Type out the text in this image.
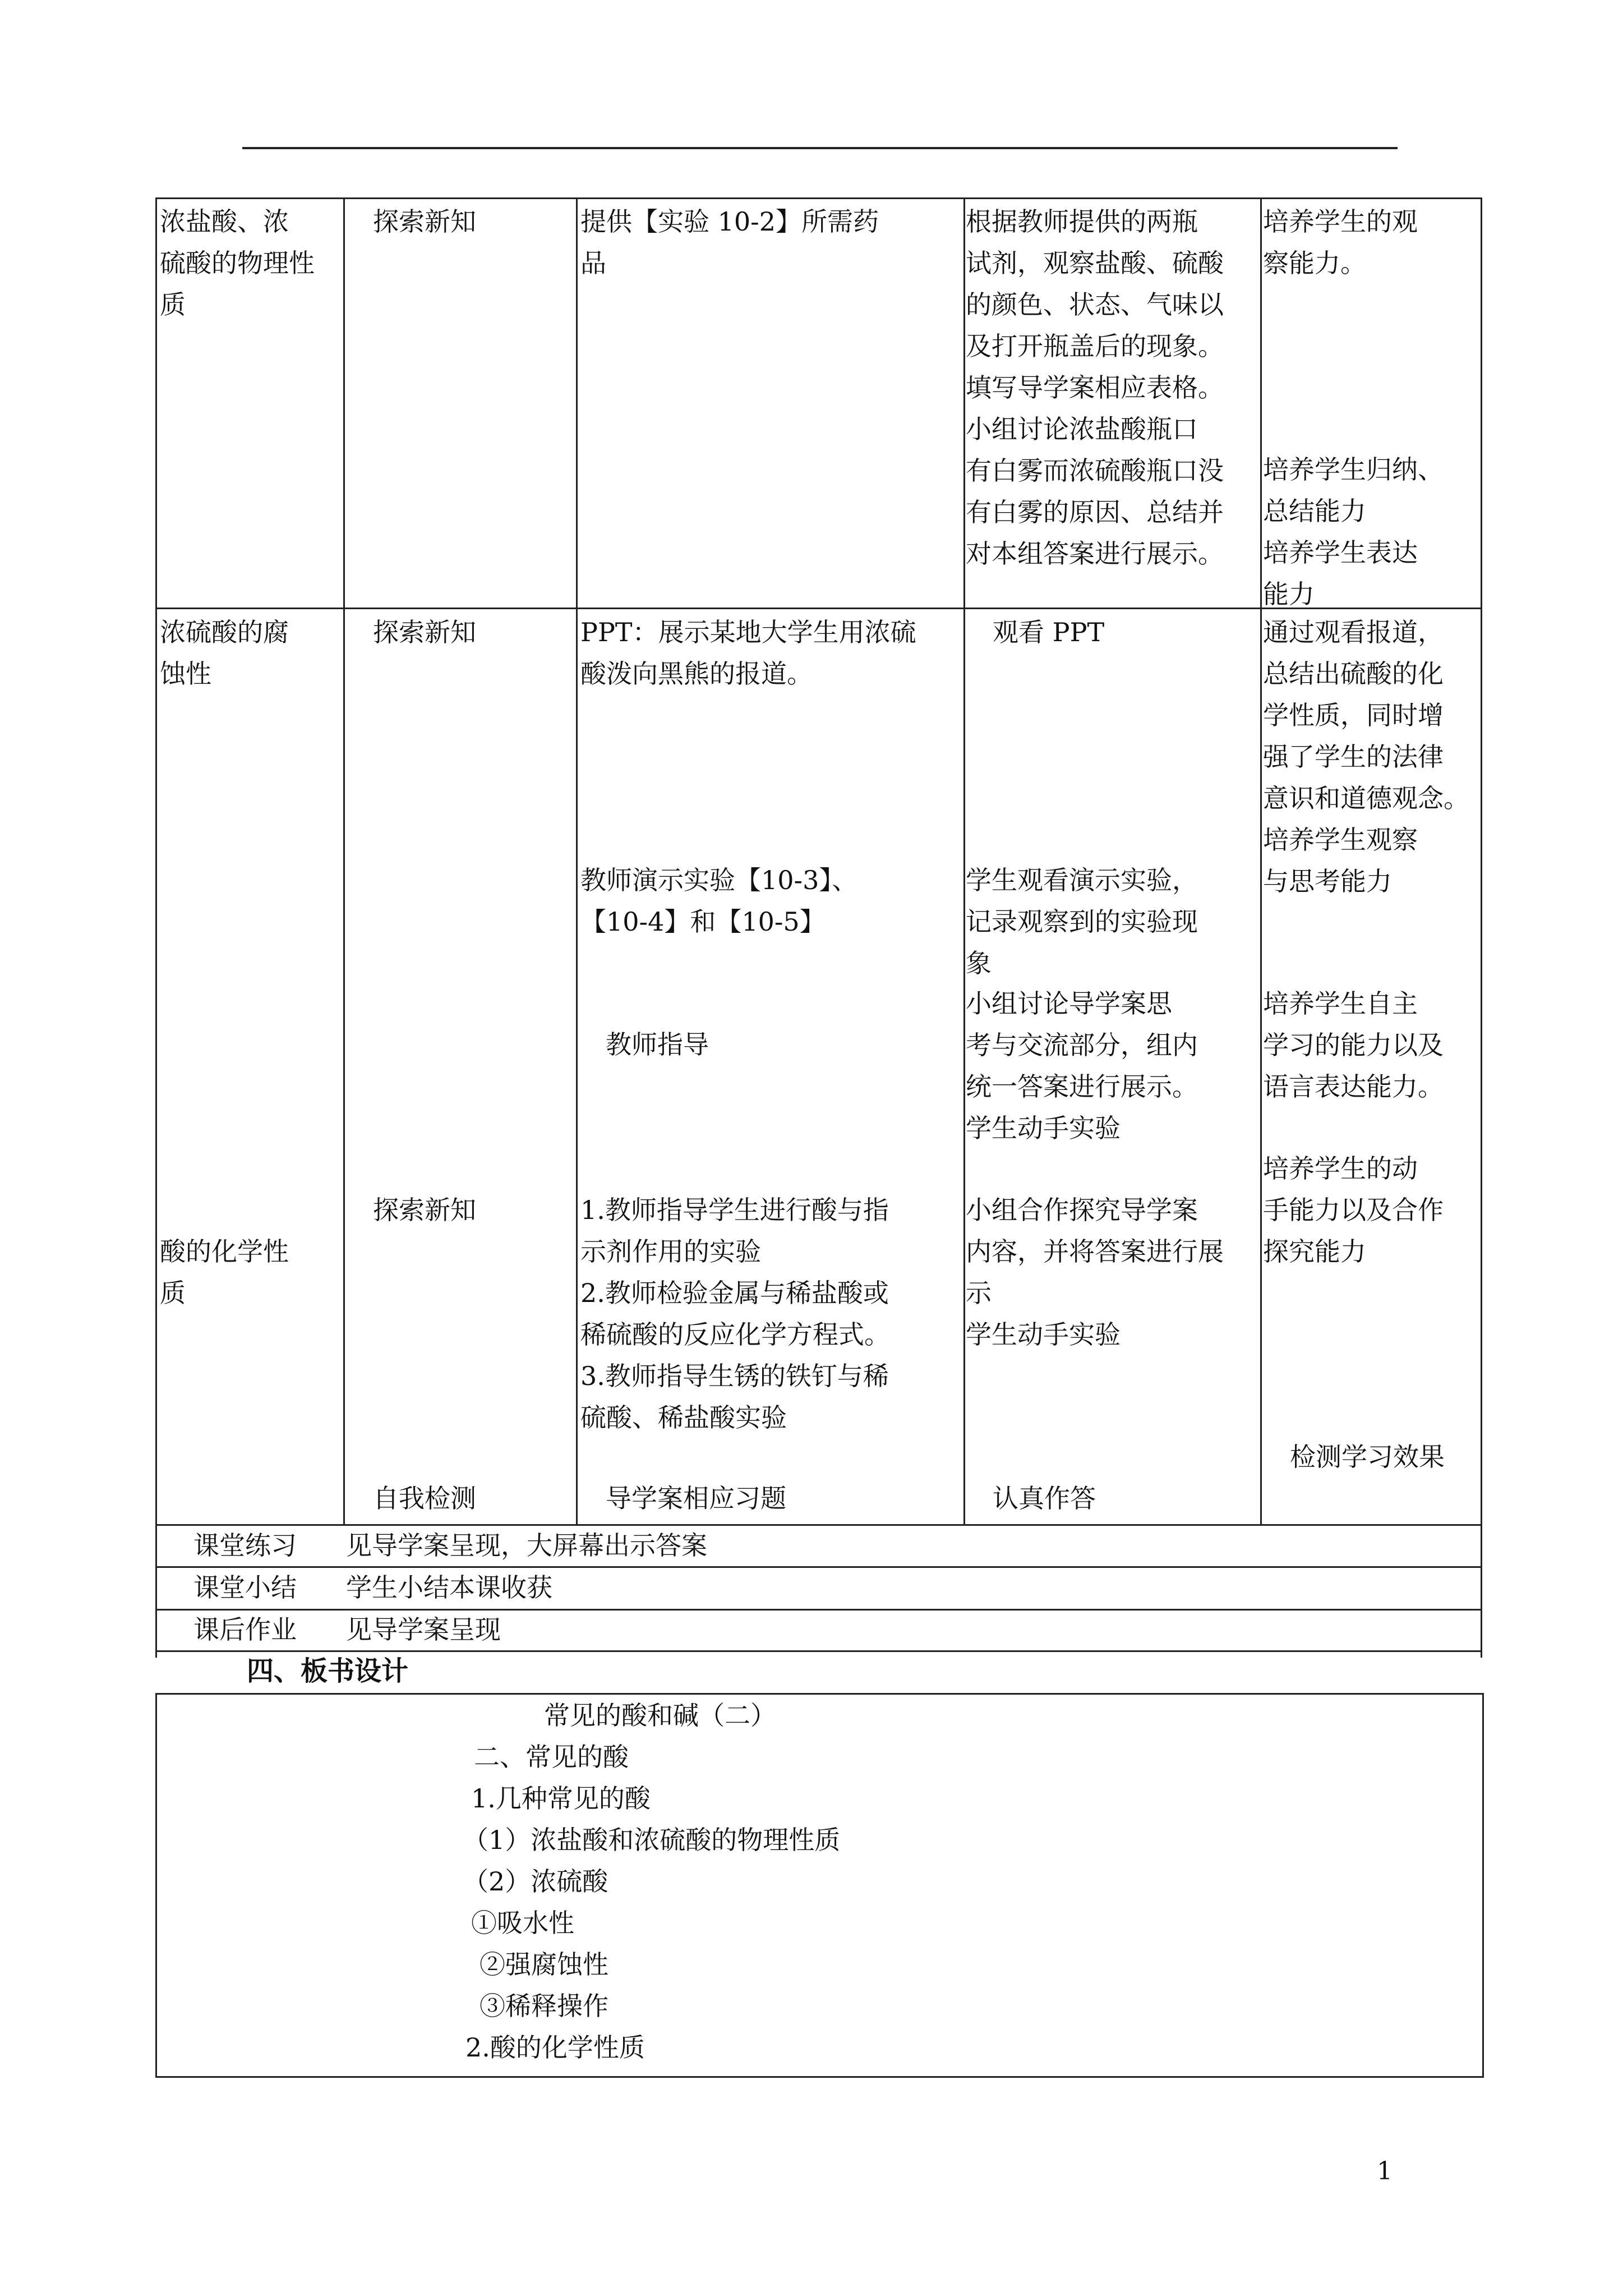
浓盐酸、浓
硫酸的物理性
质
探索新知	提供【实验 10-2】所需药
品
根据教师提供的两瓶
试剂，观察盐酸、硫酸
的颜色、状态、气味以
及打开瓶盖后的现象。
填写导学案相应表格。
小组讨论浓盐酸瓶口
有白雾而浓硫酸瓶口没
有白雾的原因、总结并
对本组答案进行展示。
培养学生的观
察能力。
培养学生归纳、
总结能力
培养学生表达
能力
浓硫酸的腐
蚀性
酸的化学性
质
探索新知
探索新知
自我检测
PPT：展示某地大学生用浓硫
酸泼向黑熊的报道。
教师演示实验【10-3】、
【10-4】和【10-5】
教师指导
1.教师指导学生进行酸与指
示剂作用的实验
2.教师检验金属与稀盐酸或
稀硫酸的反应化学方程式。
3.教师指导生锈的铁钉与稀
硫酸、稀盐酸实验
导学案相应习题
观看 PPT
学生观看演示实验，
记录观察到的实验现
象
小组讨论导学案思
考与交流部分，组内
统一答案进行展示。
学生动手实验
小组合作探究导学案
内容，并将答案进行展
示
学生动手实验
认真作答
通过观看报道，
总结出硫酸的化
学性质，同时增
强了学生的法律
意识和道德观念。
培养学生观察
与思考能力
培养学生自主
学习的能力以及
语言表达能力。
培养学生的动
手能力以及合作
探究能力
检测学习效果
课堂练习 见导学案呈现，大屏幕出示答案
课堂小结 学生小结本课收获
课后作业 见导学案呈现
四、板书设计
常见的酸和碱（二）
二、常见的酸
1.几种常见的酸
（1）浓盐酸和浓硫酸的物理性质
（2）浓硫酸
①吸水性
②强腐蚀性
③稀释操作
2.酸的化学性质
1
